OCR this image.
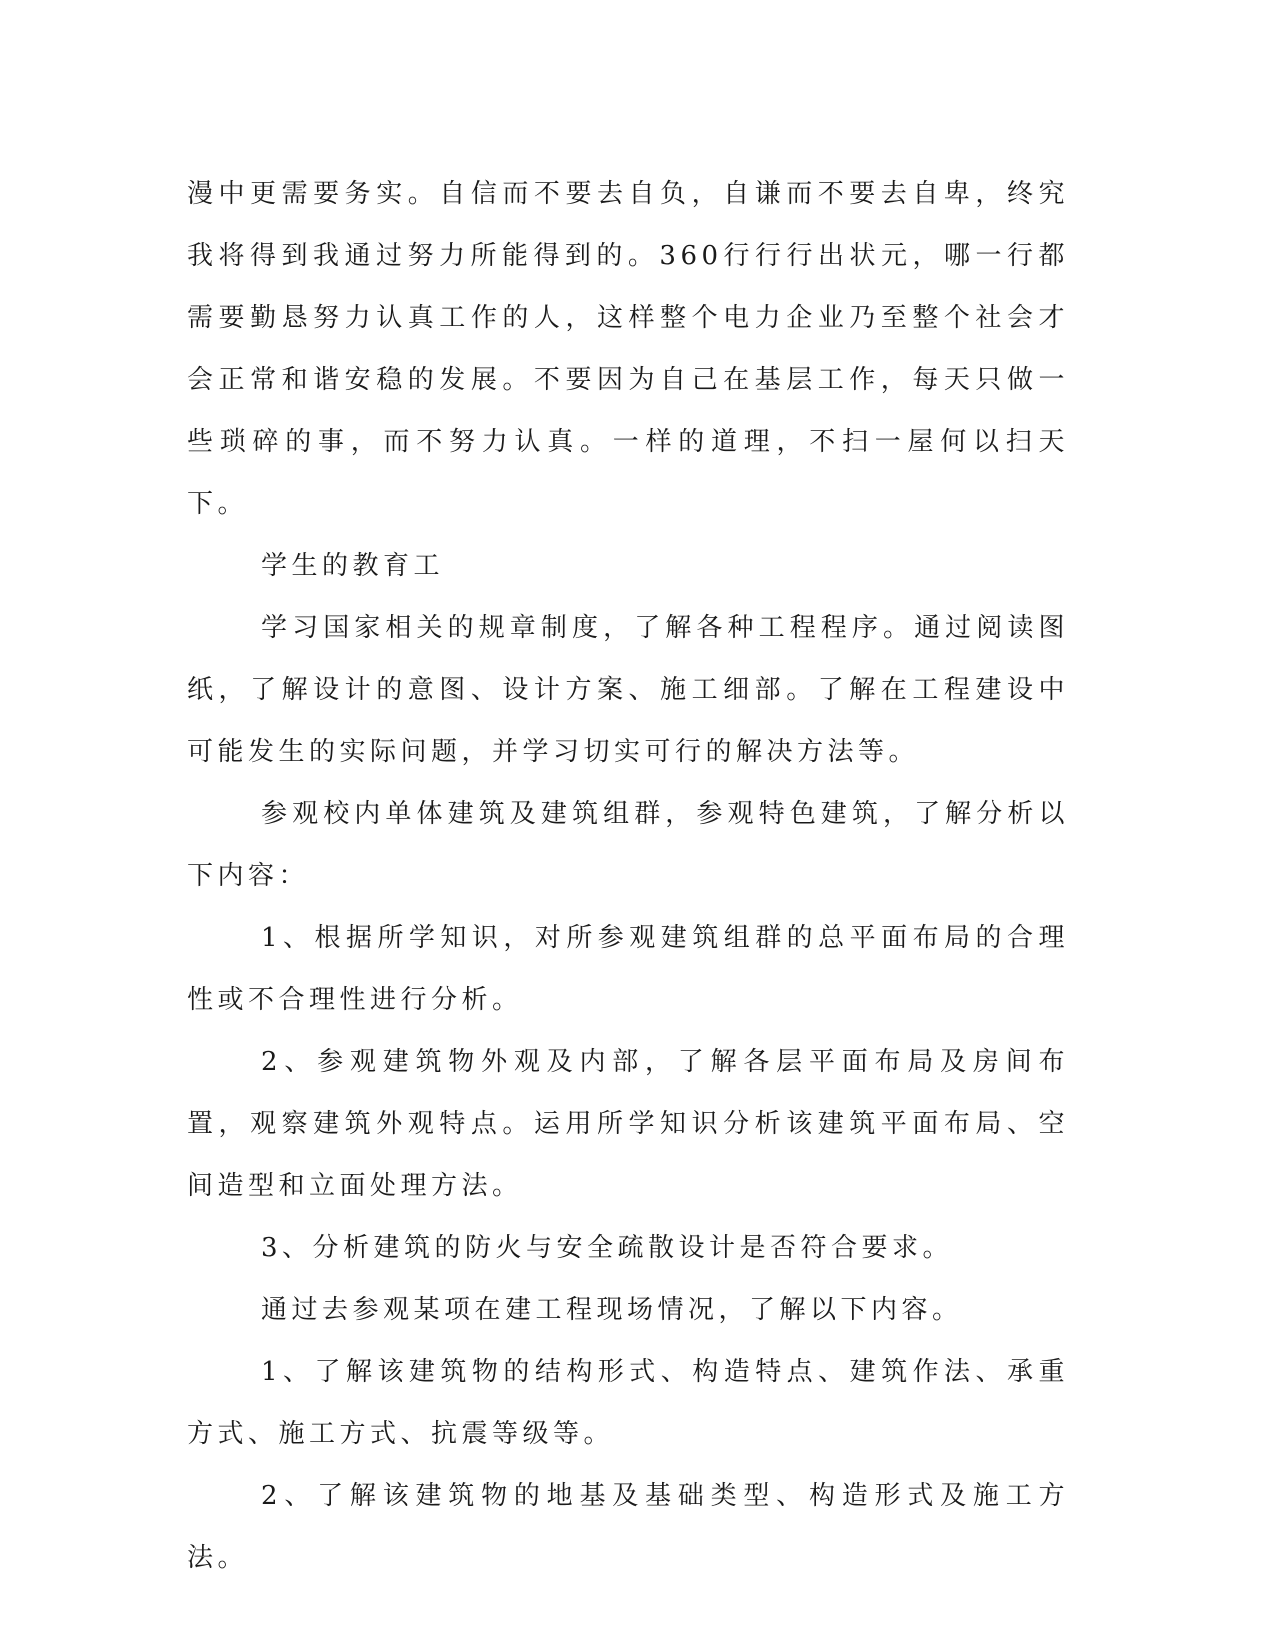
漫中更需要务实。自信而不要去自负，自谦而不要去自卑，终究我将得到我通过努力所能得到的。360行行行出状元，哪一行都需要勤恳努力认真工作的人，这样整个电力企业乃至整个社会才会正常和谐安稳的发展。不要因为自己在基层工作，每天只做一些琐碎的事，而不努力认真。一样的道理，不扫一屋何以扫天下。

学生的教育工

学习国家相关的规章制度，了解各种工程程序。通过阅读图纸，了解设计的意图、设计方案、施工细部。了解在工程建设中可能发生的实际问题，并学习切实可行的解决方法等。

参观校内单体建筑及建筑组群，参观特色建筑，了解分析以下内容：

1、根据所学知识，对所参观建筑组群的总平面布局的合理性或不合理性进行分析。

2、参观建筑物外观及内部，了解各层平面布局及房间布置，观察建筑外观特点。运用所学知识分析该建筑平面布局、空间造型和立面处理方法。

3、分析建筑的防火与安全疏散设计是否符合要求。

通过去参观某项在建工程现场情况，了解以下内容。

1、了解该建筑物的结构形式、构造特点、建筑作法、承重方式、施工方式、抗震等级等。

2、了解该建筑物的地基及基础类型、构造形式及施工方法。
